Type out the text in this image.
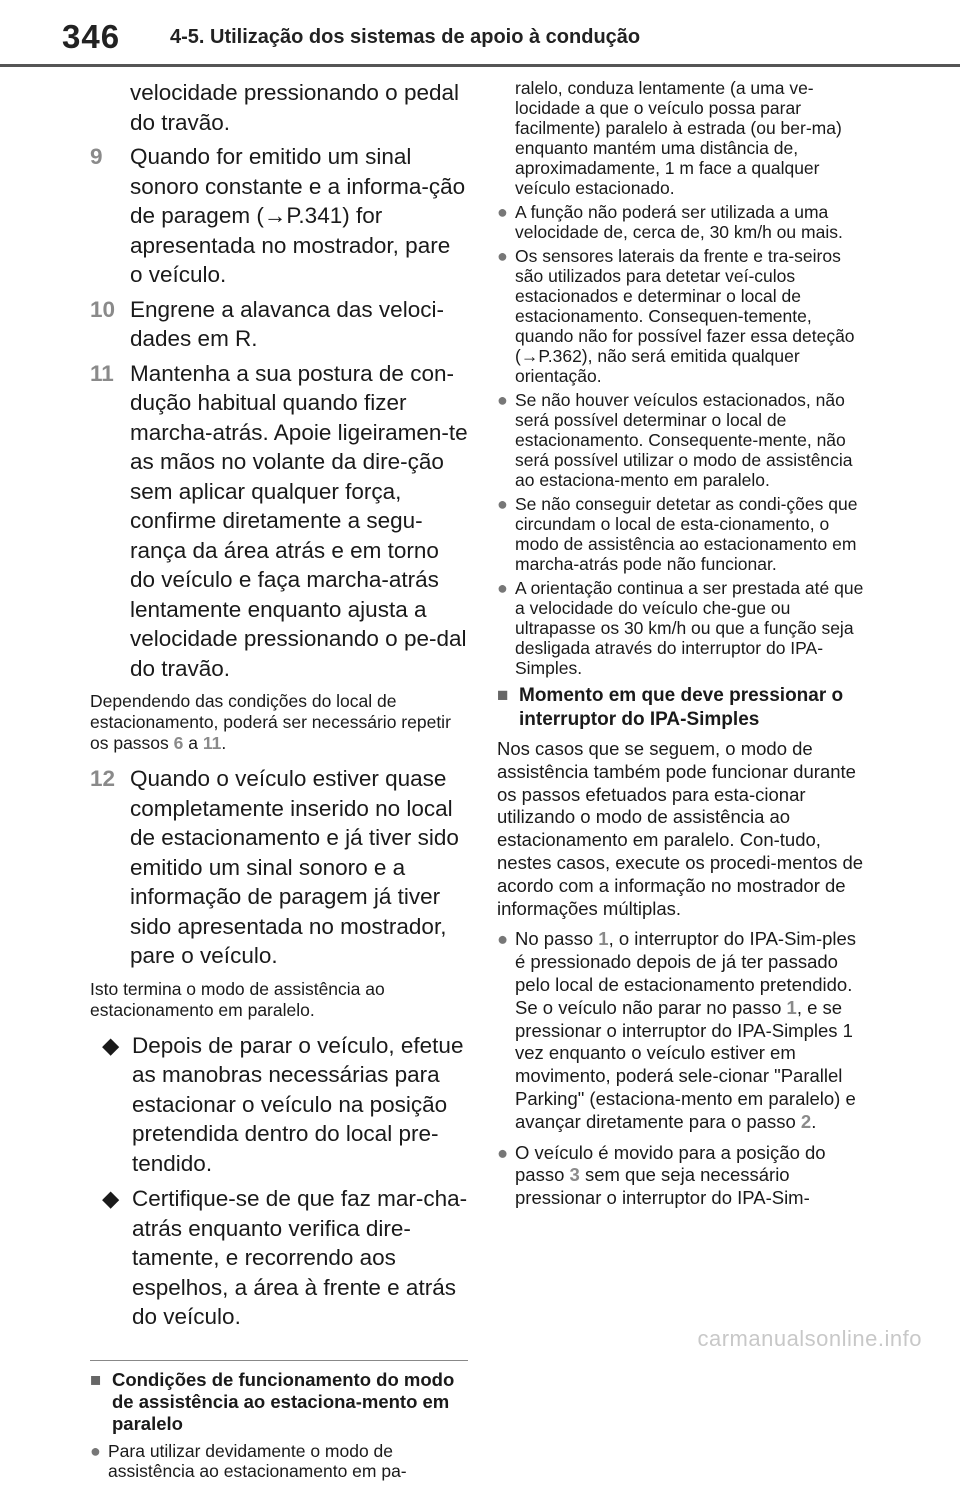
346 4-5. Utilização dos sistemas de apoio à condução
velocidade pressionando o pedal do travão.
9	Quando for emitido um sinal sonoro constante e a informa-ção de paragem (→P.341) for apresentada no mostrador, pare o veículo.
10 Engrene a alavanca das veloci-dades em R.
11 Mantenha a sua postura de con-dução habitual quando fizer marcha-atrás. Apoie ligeiramen-te as mãos no volante da dire-ção sem aplicar qualquer força, confirme diretamente a segu-rança da área atrás e em torno do veículo e faça marcha-atrás lentamente enquanto ajusta a velocidade pressionando o pe-dal do travão.
Dependendo das condições do local de estacionamento, poderá ser necessário repetir os passos 6 a 11.
12 Quando o veículo estiver quase completamente inserido no local de estacionamento e já tiver sido emitido um sinal sonoro e a informação de paragem já tiver sido apresentada no mostrador, pare o veículo.
Isto termina o modo de assistência ao estacionamento em paralelo.
◆ Depois de parar o veículo, efetue as manobras necessárias para estacionar o veículo na posição pretendida dentro do local pre-tendido.
◆ Certifique-se de que faz mar-cha-atrás enquanto verifica dire-tamente, e recorrendo aos espelhos, a área à frente e atrás do veículo.
■ Condições de funcionamento do modo de assistência ao estaciona-mento em paralelo
● Para utilizar devidamente o modo de assistência ao estacionamento em pa-
ralelo, conduza lentamente (a uma ve-locidade a que o veículo possa parar facilmente) paralelo à estrada (ou ber-ma) enquanto mantém uma distância de, aproximadamente, 1 m face a qualquer veículo estacionado.
● A função não poderá ser utilizada a uma velocidade de, cerca de, 30 km/h ou mais.
● Os sensores laterais da frente e tra-seiros são utilizados para detetar veí-culos estacionados e determinar o local de estacionamento. Consequen-temente, quando não for possível fazer essa deteção (→P.362), não será emitida qualquer orientação.
● Se não houver veículos estacionados, não será possível determinar o local de estacionamento. Consequente-mente, não será possível utilizar o modo de assistência ao estaciona-mento em paralelo.
● Se não conseguir detetar as condi-ções que circundam o local de esta-cionamento, o modo de assistência ao estacionamento em marcha-atrás pode não funcionar.
● A orientação continua a ser prestada até que a velocidade do veículo che-gue ou ultrapasse os 30 km/h ou que a função seja desligada através do interruptor do IPA-Simples.
■ Momento em que deve pressionar o interruptor do IPA-Simples
Nos casos que se seguem, o modo de assistência também pode funcionar durante os passos efetuados para esta-cionar utilizando o modo de assistência ao estacionamento em paralelo. Con-tudo, nestes casos, execute os procedi-mentos de acordo com a informação no mostrador de informações múltiplas.
● No passo 1, o interruptor do IPA-Sim-ples é pressionado depois de já ter passado pelo local de estacionamento pretendido.
Se o veículo não parar no passo 1, e se pressionar o interruptor do IPA-Simples 1 vez enquanto o veículo estiver em movimento, poderá sele-cionar "Parallel Parking" (estaciona-mento em paralelo) e avançar diretamente para o passo 2.
● O veículo é movido para a posição do passo 3 sem que seja necessário pressionar o interruptor do IPA-Sim-
carmanualsonline.info
